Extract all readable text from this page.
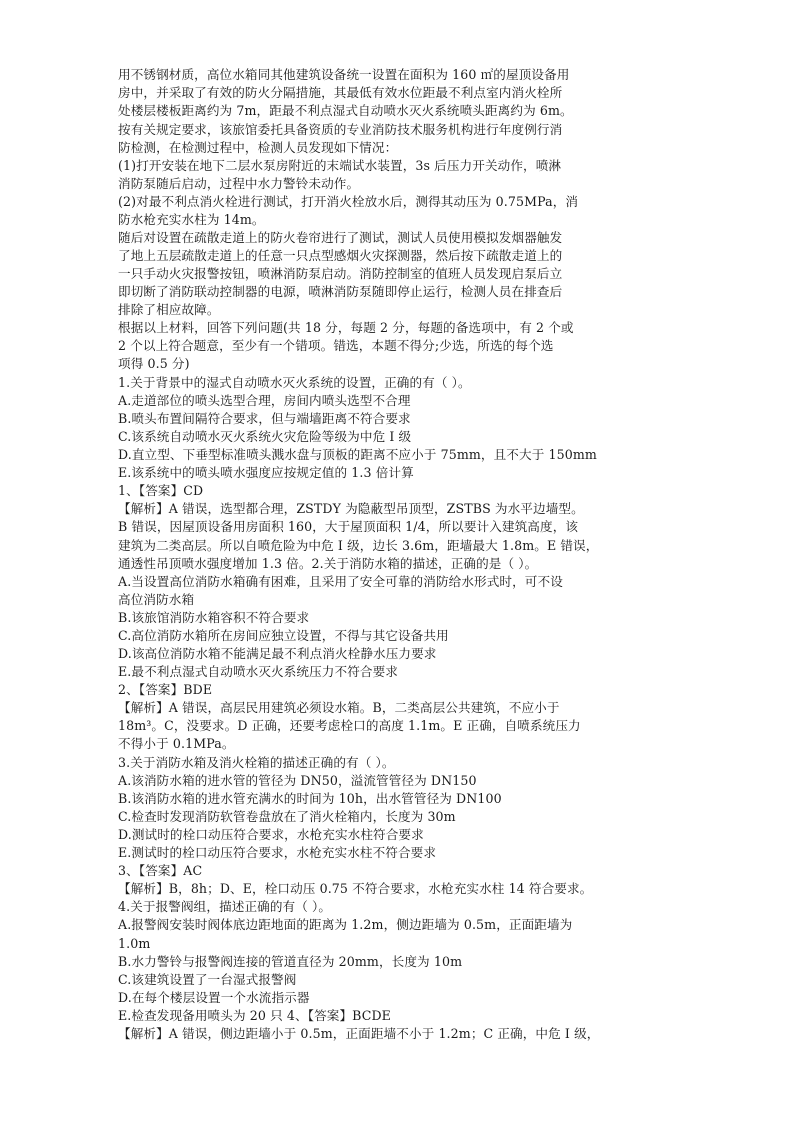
用不锈钢材质，高位水箱同其他建筑设备统一设置在面积为 160 ㎡的屋顶设备用
房中，并采取了有效的防火分隔措施，其最低有效水位距最不利点室内消火栓所
处楼层楼板距离约为 7m，距最不利点湿式自动喷水灭火系统喷头距离约为 6m。
按有关规定要求，该旅馆委托具备资质的专业消防技术服务机构进行年度例行消
防检测，在检测过程中，检测人员发现如下情况：
(1)打开安装在地下二层水泵房附近的末端试水装置，3s 后压力开关动作，喷淋
消防泵随后启动，过程中水力警铃未动作。
(2)对最不利点消火栓进行测试，打开消火栓放水后，测得其动压为 0.75MPa，消
防水枪充实水柱为 14m。
随后对设置在疏散走道上的防火卷帘进行了测试，测试人员使用模拟发烟器触发
了地上五层疏散走道上的任意一只点型感烟火灾探测器，然后按下疏散走道上的
一只手动火灾报警按钮，喷淋消防泵启动。消防控制室的值班人员发现启泵后立
即切断了消防联动控制器的电源，喷淋消防泵随即停止运行，检测人员在排查后
排除了相应故障。
根据以上材料，回答下列问题(共 18 分，每题 2 分，每题的备选项中，有 2 个或
2 个以上符合题意，至少有一个错项。错选，本题不得分;少选，所选的每个选
项得 0.5 分)
1.关于背景中的湿式自动喷水灭火系统的设置，正确的有（ ）。
A.走道部位的喷头选型合理，房间内喷头选型不合理
B.喷头布置间隔符合要求，但与端墙距离不符合要求
C.该系统自动喷水灭火系统火灾危险等级为中危 I 级
D.直立型、下垂型标准喷头溅水盘与顶板的距离不应小于 75mm，且不大于 150mm
E.该系统中的喷头喷水强度应按规定值的 1.3 倍计算
1、【答案】CD
【解析】A 错误，选型都合理，ZSTDY 为隐蔽型吊顶型，ZSTBS 为水平边墙型。
B 错误，因屋顶设备用房面积 160，大于屋顶面积 1/4，所以要计入建筑高度，该
建筑为二类高层。所以自喷危险为中危 I 级，边长 3.6m，距墙最大 1.8m。E 错误，
通透性吊顶喷水强度增加 1.3 倍。2.关于消防水箱的描述，正确的是（ ）。
A.当设置高位消防水箱确有困难，且采用了安全可靠的消防给水形式时，可不设
高位消防水箱
B.该旅馆消防水箱容积不符合要求
C.高位消防水箱所在房间应独立设置，不得与其它设备共用
D.该高位消防水箱不能满足最不利点消火栓静水压力要求
E.最不利点湿式自动喷水灭火系统压力不符合要求
2、【答案】BDE
【解析】A 错误，高层民用建筑必须设水箱。B，二类高层公共建筑，不应小于
18m³。C，没要求。D 正确，还要考虑栓口的高度 1.1m。E 正确，自喷系统压力
不得小于 0.1MPa。
3.关于消防水箱及消火栓箱的描述正确的有（ ）。
A.该消防水箱的进水管的管径为 DN50，溢流管管径为 DN150
B.该消防水箱的进水管充满水的时间为 10h，出水管管径为 DN100
C.检查时发现消防软管卷盘放在了消火栓箱内，长度为 30m
D.测试时的栓口动压符合要求，水枪充实水柱符合要求
E.测试时的栓口动压符合要求，水枪充实水柱不符合要求
3、【答案】AC
【解析】B，8h；D、E，栓口动压 0.75 不符合要求，水枪充实水柱 14 符合要求。
4.关于报警阀组，描述正确的有（ ）。
A.报警阀安装时阀体底边距地面的距离为 1.2m，侧边距墙为 0.5m，正面距墙为
1.0m
B.水力警铃与报警阀连接的管道直径为 20mm，长度为 10m
C.该建筑设置了一台湿式报警阀
D.在每个楼层设置一个水流指示器
E.检查发现备用喷头为 20 只 4、【答案】BCDE
【解析】A 错误，侧边距墙小于 0.5m，正面距墙不小于 1.2m；C 正确，中危 I 级，
